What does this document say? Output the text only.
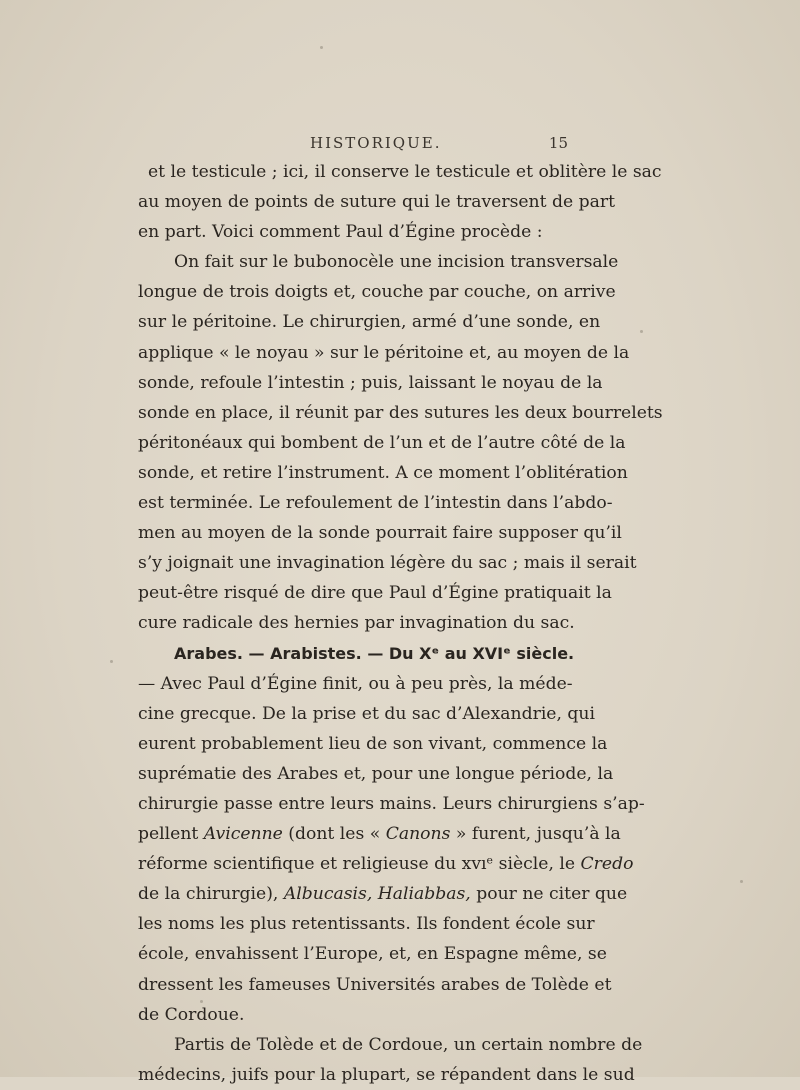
HISTORIQUE.	15
et le testicule ; ici, il conserve le testicule et oblitère le sac
au moyen de points de suture qui le traversent de part
en part. Voici comment Paul d’Égine procède :
On fait sur le bubonocèle une incision transversale
longue de trois doigts et, couche par couche, on arrive
sur le péritoine. Le chirurgien, armé d’une sonde, en
applique « le noyau » sur le péritoine et, au moyen de la
sonde, refoule l’intestin ; puis, laissant le noyau de la
sonde en place, il réunit par des sutures les deux bourrelets
péritonéaux qui bombent de l’un et de l’autre côté de la
sonde, et retire l’instrument. A ce moment l’oblitération
est terminée. Le refoulement de l’intestin dans l’abdo-
men au moyen de la sonde pourrait faire supposer qu’il
s’y joignait une invagination légère du sac ; mais il serait
peut-être risqué de dire que Paul d’Égine pratiquait la
cure radicale des hernies par invagination du sac.
Arabes. — Arabistes. — Du Xᵉ au XVIᵉ siècle.
— Avec Paul d’Égine finit, ou à peu près, la méde-
cine grecque. De la prise et du sac d’Alexandrie, qui
eurent probablement lieu de son vivant, commence la
suprématie des Arabes et, pour une longue période, la
chirurgie passe entre leurs mains. Leurs chirurgiens s’ap-
pellent Avicenne (dont les « Canons » furent, jusqu’à la
réforme scientifique et religieuse du xvıᵉ siècle, le Credo
de la chirurgie), Albucasis, Haliabbas, pour ne citer que
les noms les plus retentissants. Ils fondent école sur
école, envahissent l’Europe, et, en Espagne même, se
dressent les fameuses Universités arabes de Tolède et
de Cordoue.
Partis de Tolède et de Cordoue, un certain nombre de
médecins, juifs pour la plupart, se répandent dans le sud
